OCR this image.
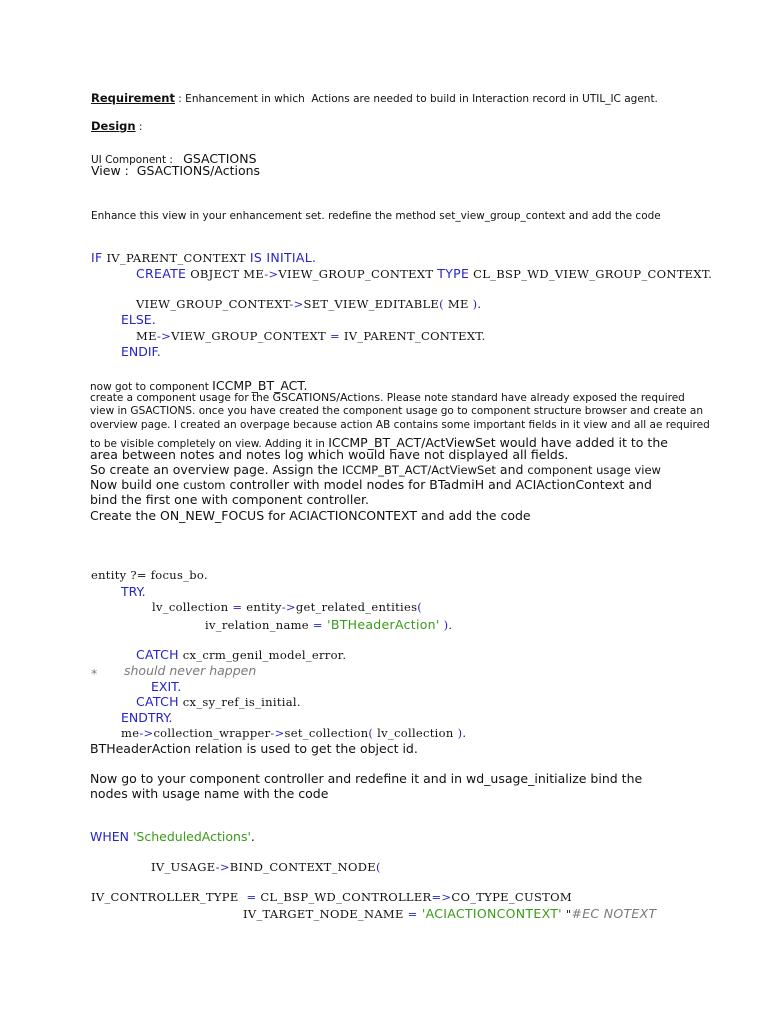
Requirement : Enhancement in which  Actions are needed to build in Interaction record in UTIL_IC agent.
Design :
UI Component : GSACTIONS
View :  GSACTIONS/Actions
Enhance this view in your enhancement set. redefine the method set_view_group_context and add the code
IF IV_PARENT_CONTEXT IS INITIAL.
CREATE OBJECT ME->VIEW_GROUP_CONTEXT TYPE CL_BSP_WD_VIEW_GROUP_CONTEXT.
VIEW_GROUP_CONTEXT->SET_VIEW_EDITABLE( ME ).
ELSE.
ME->VIEW_GROUP_CONTEXT = IV_PARENT_CONTEXT.
ENDIF.
now got to component ICCMP_BT_ACT.
create a component usage for the GSCATIONS/Actions. Please note standard have already exposed the required
view in GSACTIONS. once you have created the component usage go to component structure browser and create an
overview page. I created an overpage because action AB contains some important fields in it view and all ae required
to be visible completely on view. Adding it in ICCMP_BT_ACT/ActViewSet would have added it to the
area between notes and notes log which would have not displayed all fields.
So create an overview page. Assign the ICCMP_BT_ACT/ActViewSet and component usage view
Now build one custom controller with model nodes for BTadmiH and ACIActionContext and
bind the first one with component controller.
Create the ON_NEW_FOCUS for ACIACTIONCONTEXT and add the code
entity ?= focus_bo.
TRY.
lv_collection = entity->get_related_entities(
iv_relation_name = 'BTHeaderAction' ).
CATCH cx_crm_genil_model_error.
* should never happen
EXIT.
CATCH cx_sy_ref_is_initial.
ENDTRY.
me->collection_wrapper->set_collection( lv_collection ).
BTHeaderAction relation is used to get the object id.
Now go to your component controller and redefine it and in wd_usage_initialize bind the
nodes with usage name with the code
WHEN 'ScheduledActions'.
IV_USAGE->BIND_CONTEXT_NODE(
IV_CONTROLLER_TYPE  = CL_BSP_WD_CONTROLLER=>CO_TYPE_CUSTOM
IV_TARGET_NODE_NAME = 'ACIACTIONCONTEXT' "#EC NOTEXT
